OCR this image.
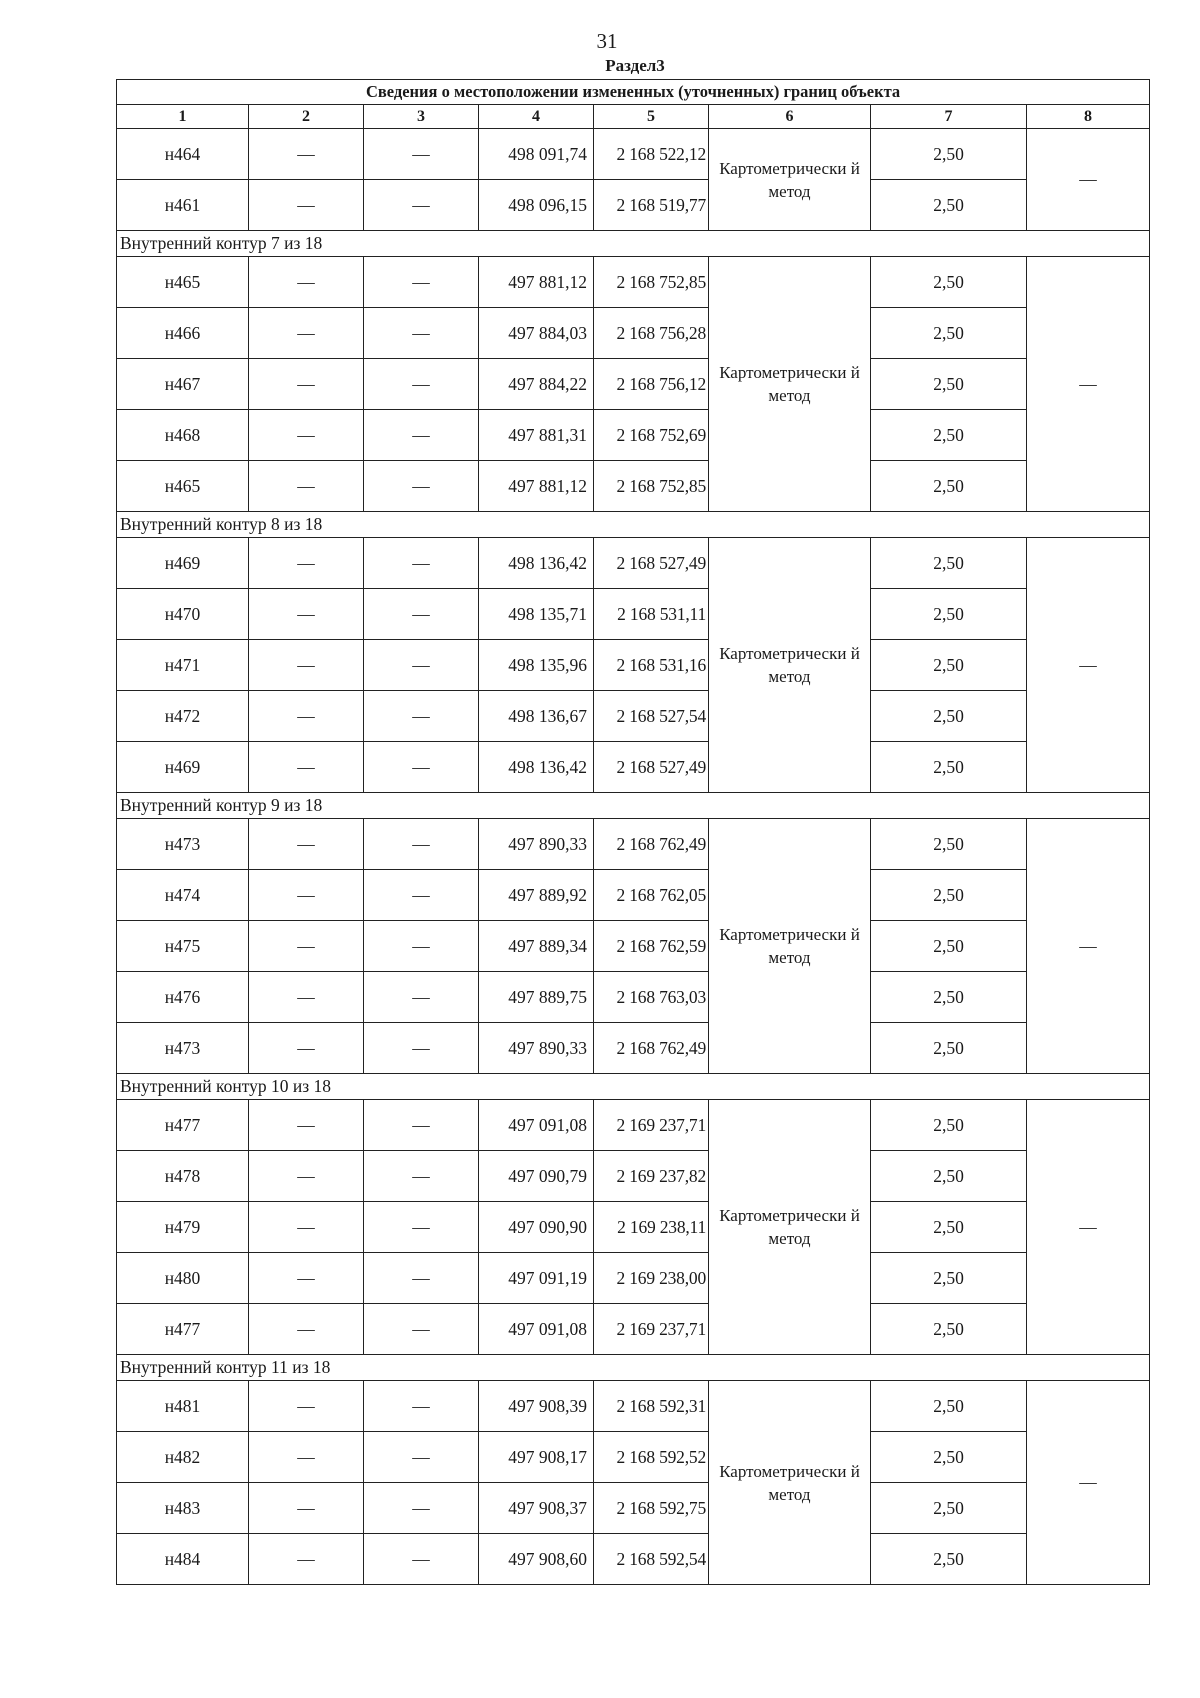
31
Раздел3
Сведения о местоположении измененных (уточненных) границ объекта							
1	2	3	4	5	6	7	8
н464	—	—	498 091,74	2 168 522,12	Картометрически й метод	2,50	—
н461	—	—	498 096,15	2 168 519,77		2,50	
Внутренний контур 7 из 18							
н465	—	—	497 881,12	2 168 752,85	Картометрически й метод	2,50	—
н466	—	—	497 884,03	2 168 756,28		2,50	
н467	—	—	497 884,22	2 168 756,12		2,50	
н468	—	—	497 881,31	2 168 752,69		2,50	
н465	—	—	497 881,12	2 168 752,85		2,50	
Внутренний контур 8 из 18							
н469	—	—	498 136,42	2 168 527,49	Картометрически й метод	2,50	—
н470	—	—	498 135,71	2 168 531,11		2,50	
н471	—	—	498 135,96	2 168 531,16		2,50	
н472	—	—	498 136,67	2 168 527,54		2,50	
н469	—	—	498 136,42	2 168 527,49		2,50	
Внутренний контур 9 из 18							
н473	—	—	497 890,33	2 168 762,49	Картометрически й метод	2,50	—
н474	—	—	497 889,92	2 168 762,05		2,50	
н475	—	—	497 889,34	2 168 762,59		2,50	
н476	—	—	497 889,75	2 168 763,03		2,50	
н473	—	—	497 890,33	2 168 762,49		2,50	
Внутренний контур 10 из 18							
н477	—	—	497 091,08	2 169 237,71	Картометрически й метод	2,50	—
н478	—	—	497 090,79	2 169 237,82		2,50	
н479	—	—	497 090,90	2 169 238,11		2,50	
н480	—	—	497 091,19	2 169 238,00		2,50	
н477	—	—	497 091,08	2 169 237,71		2,50	
Внутренний контур 11 из 18							
н481	—	—	497 908,39	2 168 592,31	Картометрически й метод	2,50	—
н482	—	—	497 908,17	2 168 592,52		2,50	
н483	—	—	497 908,37	2 168 592,75		2,50	
н484	—	—	497 908,60	2 168 592,54		2,50	
